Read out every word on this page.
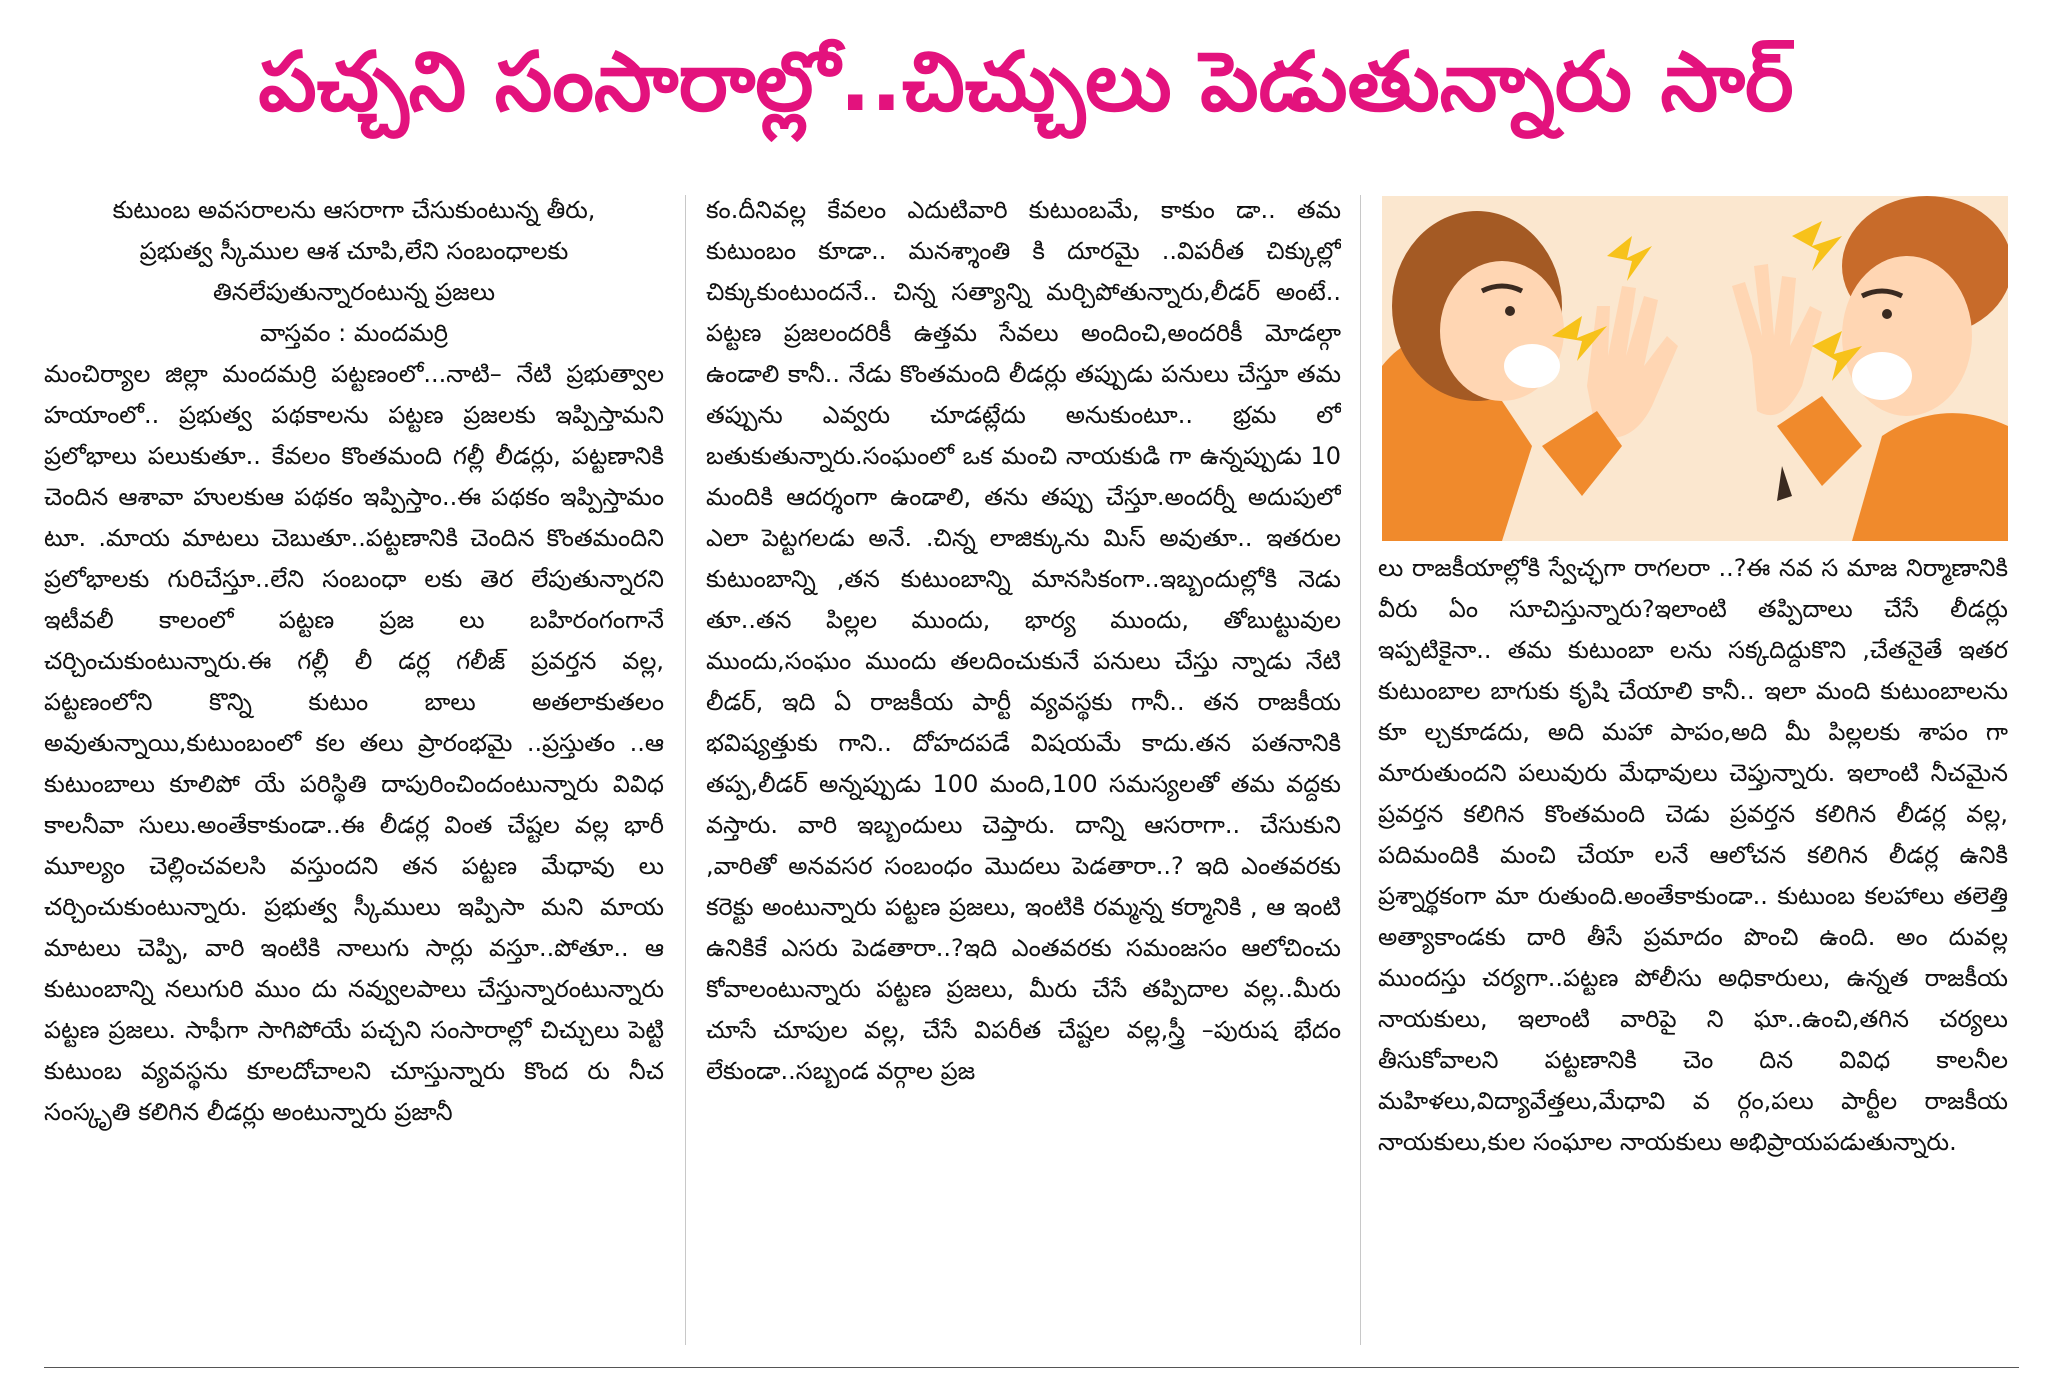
పచ్చని సంసారాల్లో..చిచ్చులు పెడుతున్నారు సార్

కుటుంబ అవసరాలను ఆసరాగా చేసుకుంటున్న తీరు,

ప్రభుత్వ స్కీముల ఆశ చూపి,లేని సంబంధాలకు

తినలేపుతున్నారంటున్న ప్రజలు

వాస్తవం : మందమర్రి

మంచిర్యాల జిల్లా మందమర్రి పట్టణంలో...నాటి– నేటి ప్రభుత్వాల హయాంలో.. ప్రభుత్వ పథకాలను పట్టణ ప్రజలకు ఇప్పిస్తామని ప్రలోభాలు పలుకుతూ.. కేవలం కొంతమంది గల్లీ లీడర్లు, పట్టణానికి చెందిన ఆశావా హులకుఆ పథకం ఇప్పిస్తాం..ఈ పథకం ఇప్పిస్తామం టూ. .మాయ మాటలు చెబుతూ..పట్టణానికి చెందిన కొంతమందిని ప్రలోభాలకు గురిచేస్తూ..లేని సంబంధా లకు తెర లేపుతున్నారని ఇటీవలీ కాలంలో పట్టణ ప్రజ లు బహిరంగంగానే చర్చించుకుంటున్నారు.ఈ గల్లీ లీ డర్ల గలీజ్ ప్రవర్తన వల్ల, పట్టణంలోని కొన్ని కుటుం బాలు అతలాకుతలం అవుతున్నాయి,కుటుంబంలో కల తలు ప్రారంభమై ..ప్రస్తుతం ..ఆ కుటుంబాలు కూలిపో యే పరిస్థితి దాపురించిందంటున్నారు వివిధ కాలనీవా సులు.అంతేకాకుండా..ఈ లీడర్ల వింత చేష్టల వల్ల భారీ మూల్యం చెల్లించవలసి వస్తుందని తన పట్టణ మేధావు లు చర్చించుకుంటున్నారు. ప్రభుత్వ స్కీములు ఇప్పిసా మని మాయ మాటలు చెప్పి, వారి ఇంటికి నాలుగు సార్లు వస్తూ..పోతూ.. ఆ కుటుంబాన్ని నలుగురి ముం దు నవ్వులపాలు చేస్తున్నారంటున్నారు పట్టణ ప్రజలు. సాఫీగా సాగిపోయే పచ్చని సంసారాల్లో చిచ్చులు పెట్టి కుటుంబ వ్యవస్థను కూలదోచాలని చూస్తున్నారు కొంద రు నీచ సంస్కృతి కలిగిన లీడర్లు అంటున్నారు ప్రజానీ

కం.దీనివల్ల కేవలం ఎదుటివారి కుటుంబమే, కాకుం డా.. తమ కుటుంబం కూడా.. మనశ్శాంతి కి దూరమై ..విపరీత చిక్కుల్లో చిక్కుకుంటుందనే.. చిన్న సత్యాన్ని మర్చిపోతున్నారు,లీడర్ అంటే.. పట్టణ ప్రజలందరికీ ఉత్తమ సేవలు అందించి,అందరికీ మోడల్గా ఉండాలి కానీ.. నేడు కొంతమంది లీడర్లు తప్పుడు పనులు చేస్తూ తమ తప్పును ఎవ్వరు చూడట్లేదు అనుకుంటూ.. భ్రమ లో బతుకుతున్నారు.సంఘంలో ఒక మంచి నాయకుడి గా ఉన్నప్పుడు 10 మందికి ఆదర్శంగా ఉండాలి, తను తప్పు చేస్తూ.అందర్నీ అదుపులో ఎలా పెట్టగలడు అనే. .చిన్న లాజిక్కును మిస్ అవుతూ.. ఇతరుల కుటుంబాన్ని ,తన కుటుంబాన్ని మానసికంగా..ఇబ్బందుల్లోకి నెడు తూ..తన పిల్లల ముందు, భార్య ముందు, తోబుట్టువుల ముందు,సంఘం ముందు తలదించుకునే పనులు చేస్తు న్నాడు నేటి లీడర్, ఇది ఏ రాజకీయ పార్టీ వ్యవస్థకు గానీ.. తన రాజకీయ భవిష్యత్తుకు గాని.. దోహదపడే విషయమే కాదు.తన పతనానికి తప్ప,లీడర్ అన్నప్పుడు 100 మంది,100 సమస్యలతో తమ వద్దకు వస్తారు. వారి ఇబ్బందులు చెప్తారు. దాన్ని ఆసరాగా.. చేసుకుని ,వారితో అనవసర సంబంధం మొదలు పెడతారా..? ఇది ఎంతవరకు కరెక్టు అంటున్నారు పట్టణ ప్రజలు, ఇంటికి రమ్మన్న కర్మానికి , ఆ ఇంటి ఉనికికే ఎసరు పెడతారా..?ఇది ఎంతవరకు సమంజసం ఆలోచించు కోవాలంటున్నారు పట్టణ ప్రజలు, మీరు చేసే తప్పిదాల వల్ల..మీరు చూసే చూపుల వల్ల, చేసే విపరీత చేష్టల వల్ల,స్త్రీ –పురుష భేదం లేకుండా..సబ్బండ వర్గాల ప్రజ

లు రాజకీయాల్లోకి స్వేచ్ఛగా రాగలరా ..?ఈ నవ స మాజ నిర్మాణానికి వీరు ఏం సూచిస్తున్నారు?ఇలాంటి తప్పిదాలు చేసే లీడర్లు ఇప్పటికైనా.. తమ కుటుంబా లను సక్కదిద్దుకొని ,చేతనైతే ఇతర కుటుంబాల బాగుకు కృషి చేయాలి కానీ.. ఇలా మంది కుటుంబాలను కూ ల్చకూడదు, అది మహా పాపం,అది మీ పిల్లలకు శాపం గా మారుతుందని పలువురు మేధావులు చెప్తున్నారు. ఇలాంటి నీచమైన ప్రవర్తన కలిగిన కొంతమంది చెడు ప్రవర్తన కలిగిన లీడర్ల వల్ల, పదిమందికి మంచి చేయా లనే ఆలోచన కలిగిన లీడర్ల ఉనికి ప్రశ్నార్థకంగా మా రుతుంది.అంతేకాకుండా.. కుటుంబ కలహాలు తలెత్తి అత్యాకాండకు దారి తీసే ప్రమాదం పొంచి ఉంది. అం దువల్ల ముందస్తు చర్యగా..పట్టణ పోలీసు అధికారులు, ఉన్నత రాజకీయ నాయకులు, ఇలాంటి వారిపై ని ఘా..ఉంచి,తగిన చర్యలు తీసుకోవాలని పట్టణానికి చెం దిన వివిధ కాలనీల మహిళలు,విద్యావేత్తలు,మేధావి వ ర్గం,పలు పార్టీల రాజకీయ నాయకులు,కుల సంఘాల నాయకులు అభిప్రాయపడుతున్నారు.
